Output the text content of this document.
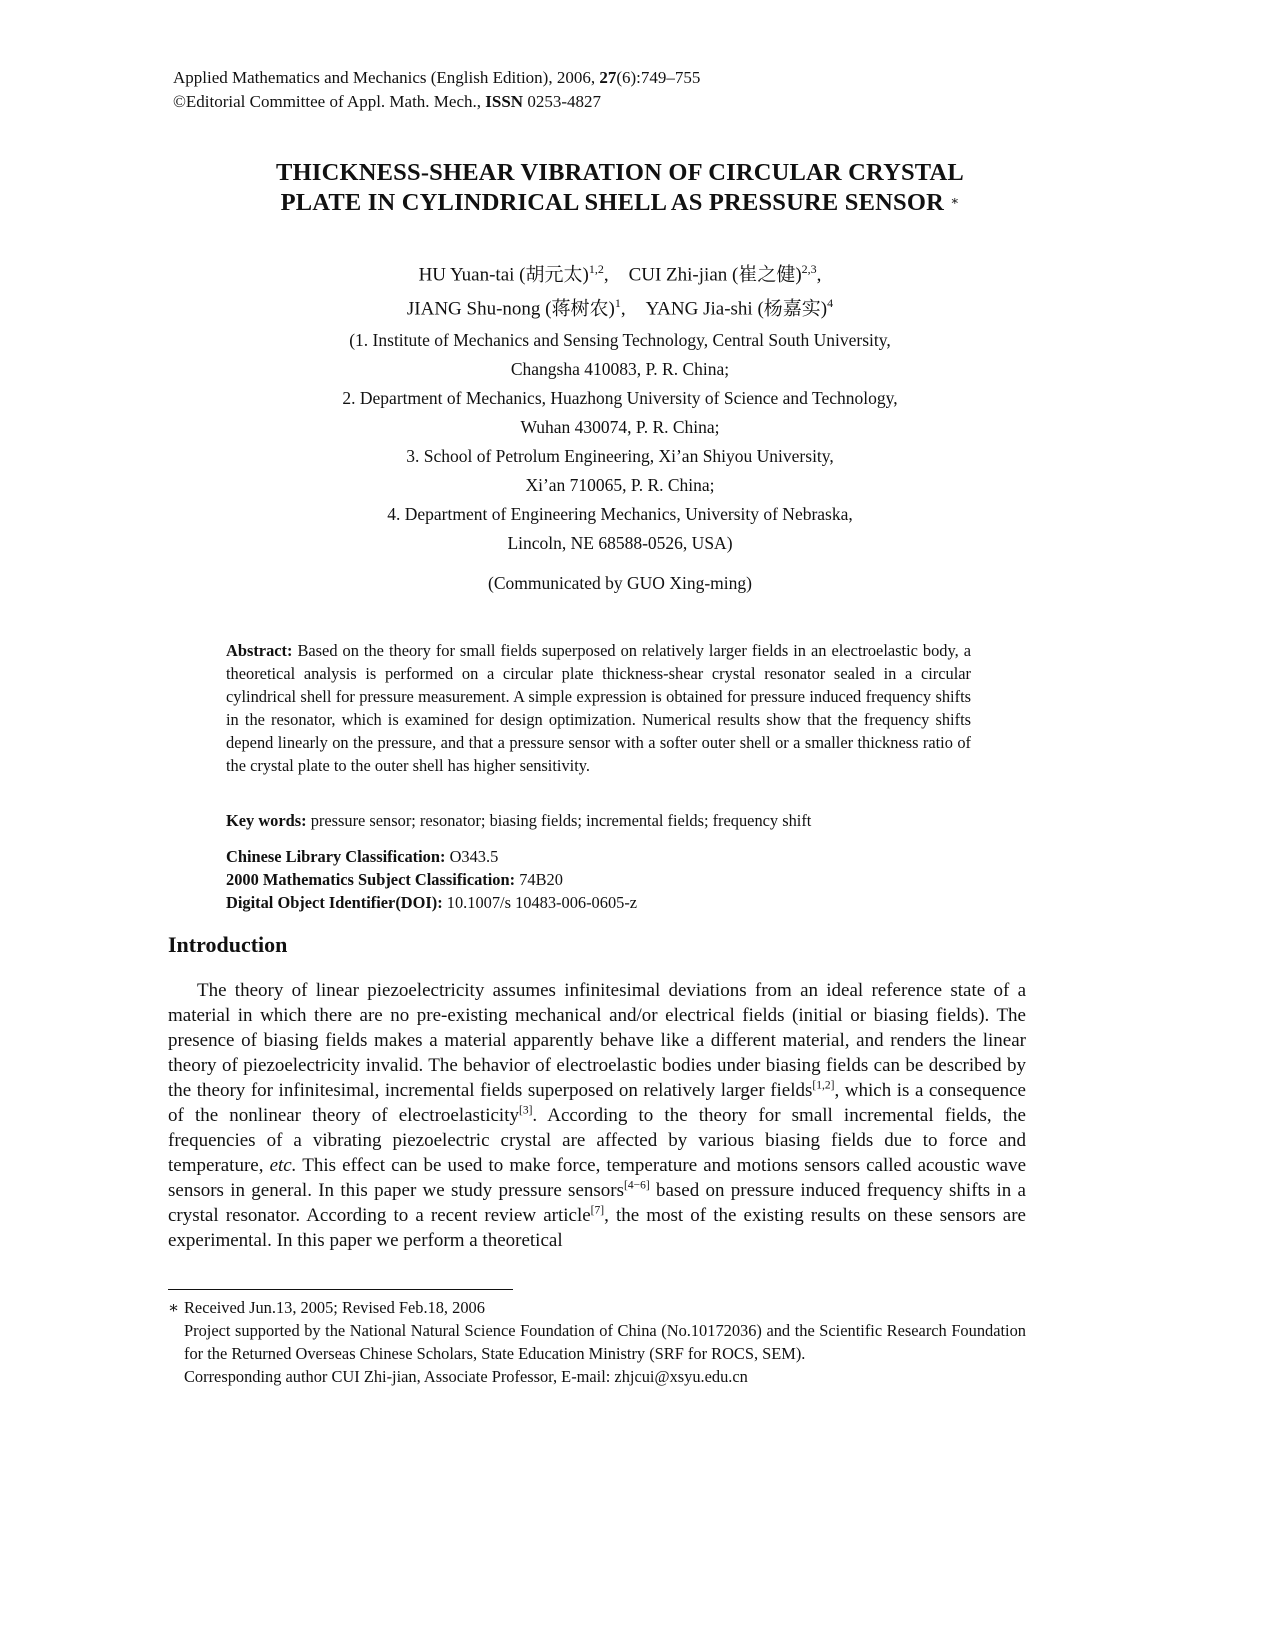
Applied Mathematics and Mechanics (English Edition), 2006, 27(6):749–755
©Editorial Committee of Appl. Math. Mech., ISSN 0253-4827
THICKNESS-SHEAR VIBRATION OF CIRCULAR CRYSTAL
PLATE IN CYLINDRICAL SHELL AS PRESSURE SENSOR ∗
HU Yuan-tai (胡元太)$^{1,2}$, CUI Zhi-jian (崔之健)$^{2,3}$,
JIANG Shu-nong (蒋树农)$^1$, YANG Jia-shi (杨嘉实)$^4$
(1. Institute of Mechanics and Sensing Technology, Central South University,
Changsha 410083, P. R. China;
2. Department of Mechanics, Huazhong University of Science and Technology,
Wuhan 430074, P. R. China;
3. School of Petrolum Engineering, Xi’an Shiyou University,
Xi’an 710065, P. R. China;
4. Department of Engineering Mechanics, University of Nebraska,
Lincoln, NE 68588-0526, USA)
(Communicated by GUO Xing-ming)
Abstract: Based on the theory for small fields superposed on relatively larger fields in an electroelastic body, a theoretical analysis is performed on a circular plate thickness-shear crystal resonator sealed in a circular cylindrical shell for pressure measurement. A simple expression is obtained for pressure induced frequency shifts in the resonator, which is examined for design optimization. Numerical results show that the frequency shifts depend linearly on the pressure, and that a pressure sensor with a softer outer shell or a smaller thickness ratio of the crystal plate to the outer shell has higher sensitivity.
Key words: pressure sensor; resonator; biasing fields; incremental fields; frequency shift
Chinese Library Classification: O343.5
2000 Mathematics Subject Classification: 74B20
Digital Object Identifier(DOI): 10.1007/s 10483-006-0605-z
Introduction
The theory of linear piezoelectricity assumes infinitesimal deviations from an ideal reference state of a material in which there are no pre-existing mechanical and/or electrical fields (initial or biasing fields). The presence of biasing fields makes a material apparently behave like a different material, and renders the linear theory of piezoelectricity invalid. The behavior of electroelastic bodies under biasing fields can be described by the theory for infinitesimal, incremental fields superposed on relatively larger fields[1,2], which is a consequence of the nonlinear theory of electroelasticity[3]. According to the theory for small incremental fields, the frequencies of a vibrating piezoelectric crystal are affected by various biasing fields due to force and temperature, etc. This effect can be used to make force, temperature and motions sensors called acoustic wave sensors in general. In this paper we study pressure sensors[4−6] based on pressure induced frequency shifts in a crystal resonator. According to a recent review article[7], the most of the existing results on these sensors are experimental. In this paper we perform a theoretical
∗ Received Jun.13, 2005; Revised Feb.18, 2006
Project supported by the National Natural Science Foundation of China (No.10172036) and the Scientific Research Foundation for the Returned Overseas Chinese Scholars, State Education Ministry (SRF for ROCS, SEM).
Corresponding author CUI Zhi-jian, Associate Professor, E-mail: zhjcui@xsyu.edu.cn
